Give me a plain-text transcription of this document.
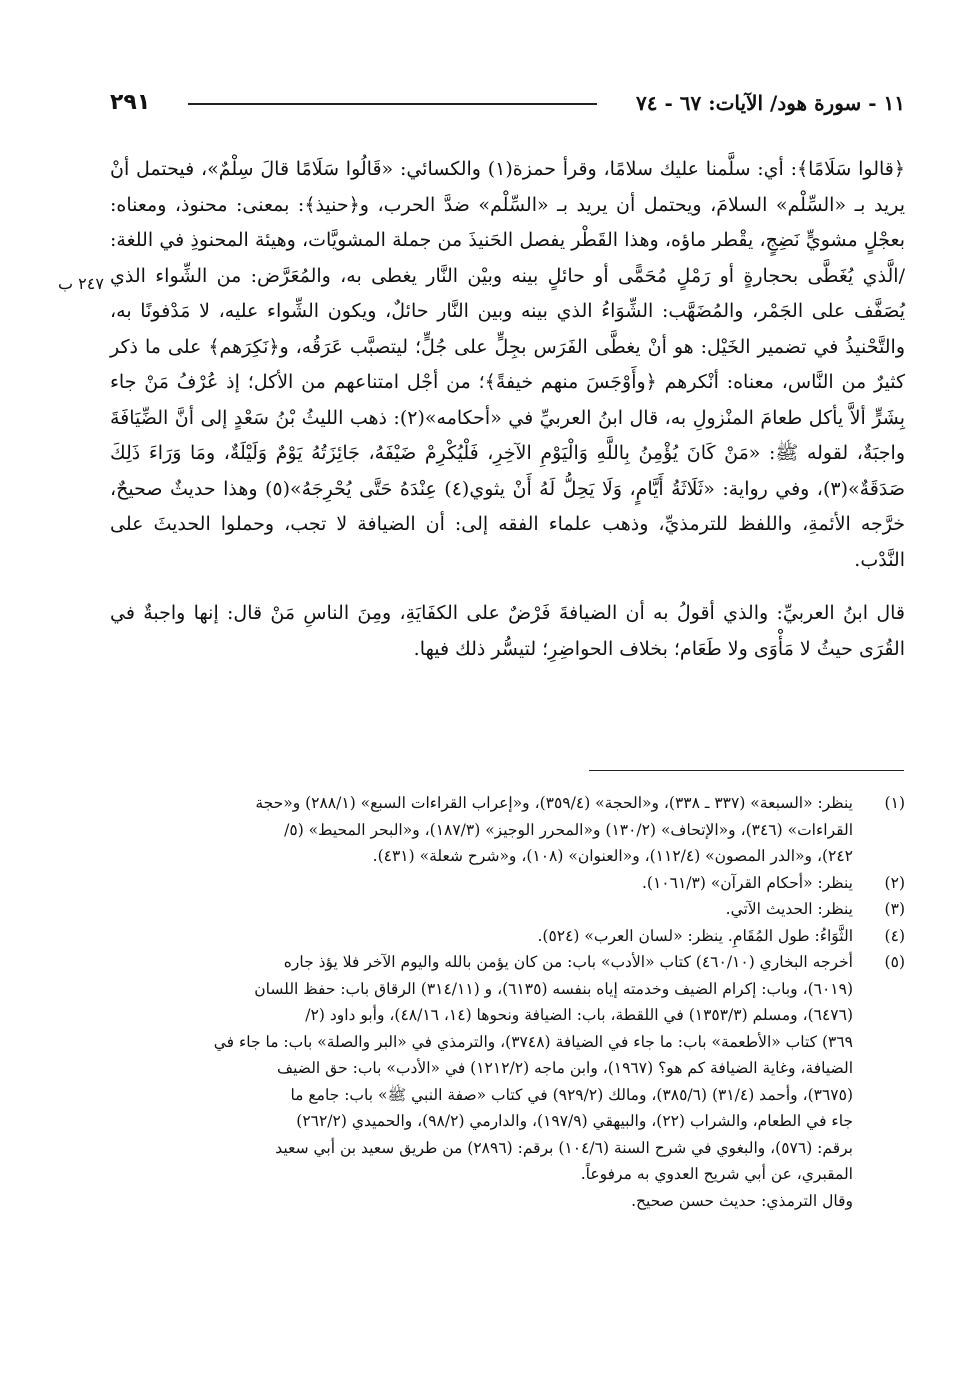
٢٩١	١١ - سورة هود/ الآيات: ٦٧ - ٧٤
٢٤٧ ب

﴿قالوا سَلَامًا﴾: أي: سلَّمنا عليك سلامًا، وقرأ حمزة(١) والكسائي: «قَالُوا سَلَامًا قالَ سِلْمٌ»، فيحتمل أنْ يريد بـ «السِّلْم» السلامَ، ويحتمل أن يريد بـ «السِّلْم» ضدَّ الحرب، و﴿حنيذ﴾: بمعنى: محنوذ، ومعناه: بعجْلٍ مشويٍّ نَضِجٍ، يقْطر ماؤه، وهذا القَطْر يفصل الحَنيذَ من جملة المشويَّات، وهيئة المحنوذِ في اللغة: /الَّذي يُغَطَّى بحجارةٍ أو رَمْلٍ مُحَمًّى أو حائلٍ بينه وبيْن النَّار يغطى به، والمُعَرَّض: من الشِّواء الذي يُصَفَّف على الجَمْر، والمُضَهَّب: الشِّوَاءُ الذي بينه وبين النَّار حائلٌ، ويكون الشِّواء عليه، لا مَدْفونًا به، والتَّحْنيذُ في تضمير الخَيْل: هو أنْ يغطَّى الفَرَس بجِلٍّ على جُلٍّ؛ ليتصبَّب عَرَقُه، و﴿نَكِرَهم﴾ على ما ذكر كثيرٌ من النَّاس، معناه: أنْكرهم ﴿وأَوْجَسَ منهم خيفةً﴾؛ من أجْل امتناعهم من الأكل؛ إذ عُرْفُ مَنْ جاء بِشَرٍّ ألاَّ يأكل طعامَ المنْزولِ به، قال ابنُ العربيِّ في «أحكامه»(٢): ذهب الليثُ بْنُ سَعْدٍ إلى أنَّ الضِّيَافَةَ واجبَةٌ، لقوله ﷺ: «مَنْ كَانَ يُؤْمِنُ بِاللَّهِ وَالْيَوْمِ الآخِرِ، فَلْيُكْرِمْ ضَيْفَهُ، جَائِزَتُهُ يَوْمٌ وَلَيْلَةٌ، ومَا وَرَاءَ ذَلِكَ صَدَقَةٌ»(٣)، وفي رواية: «ثَلَاثَةُ أَيَّامٍ، وَلَا يَحِلُّ لَهُ أَنْ يثوي(٤) عِنْدَهُ حَتَّى يُحْرِجَهُ»(٥) وهذا حديثٌ صحيحٌ، خرَّجه الأئمةِ، واللفظ للترمذيِّ، وذهب علماء الفقه إلى: أن الضيافة لا تجب، وحملوا الحديثَ على النَّدْب.

قال ابنُ العربيِّ: والذي أقولُ به أن الضيافةَ فَرْضٌ على الكفَايَةِ، ومِنَ الناسِ مَنْ قال: إنها واجبةٌ في القُرَى حيثُ لا مَأْوَى ولا طَعَام؛ بخلاف الحواضِرِ؛ لتيسُّر ذلك فيها.

(١)
ينظر: «السبعة» (٣٣٧ ـ ٣٣٨)، و«الحجة» (٣٥٩/٤)، و«إعراب القراءات السبع» (٢٨٨/١) و«حجة
القراءات» (٣٤٦)، و«الإتحاف» (١٣٠/٢) و«المحرر الوجيز» (١٨٧/٣)، و«البحر المحيط» (٥/
٢٤٢)، و«الدر المصون» (١١٢/٤)، و«العنوان» (١٠٨)، و«شرح شعلة» (٤٣١).
(٢)
ينظر: «أحكام القرآن» (١٠٦١/٣).
(٣)
ينظر: الحديث الآتي.
(٤)
الثَّوَاءُ: طول المُقَامِ. ينظر: «لسان العرب» (٥٢٤).
(٥)
أخرجه البخاري (٤٦٠/١٠) كتاب «الأدب» باب: من كان يؤمن بالله واليوم الآخر فلا يؤذ جاره
(٦٠١٩)، وباب: إكرام الضيف وخدمته إياه بنفسه (٦١٣٥)، و (٣١٤/١١) الرقاق باب: حفظ اللسان
(٦٤٧٦)، ومسلم (١٣٥٣/٣) في اللقطة، باب: الضيافة ونحوها (١٤، ٤٨/١٦)، وأبو داود (٢/
٣٦٩) كتاب «الأطعمة» باب: ما جاء في الضيافة (٣٧٤٨)، والترمذي في «البر والصلة» باب: ما جاء في
الضيافة، وغاية الضيافة كم هو؟ (١٩٦٧)، وابن ماجه (١٢١٢/٢) في «الأدب» باب: حق الضيف
(٣٦٧٥)، وأحمد (٣١/٤) (٣٨٥/٦)، ومالك (٩٢٩/٢) في كتاب «صفة النبي ﷺ» باب: جامع ما
جاء في الطعام، والشراب (٢٢)، والبيهقي (١٩٧/٩)، والدارمي (٩٨/٢)، والحميدي (٢٦٢/٢)
برقم: (٥٧٦)، والبغوي في شرح السنة (١٠٤/٦) برقم: (٢٨٩٦) من طريق سعيد بن أبي سعيد
المقبري، عن أبي شريح العدوي به مرفوعاً.
وقال الترمذي: حديث حسن صحيح.
